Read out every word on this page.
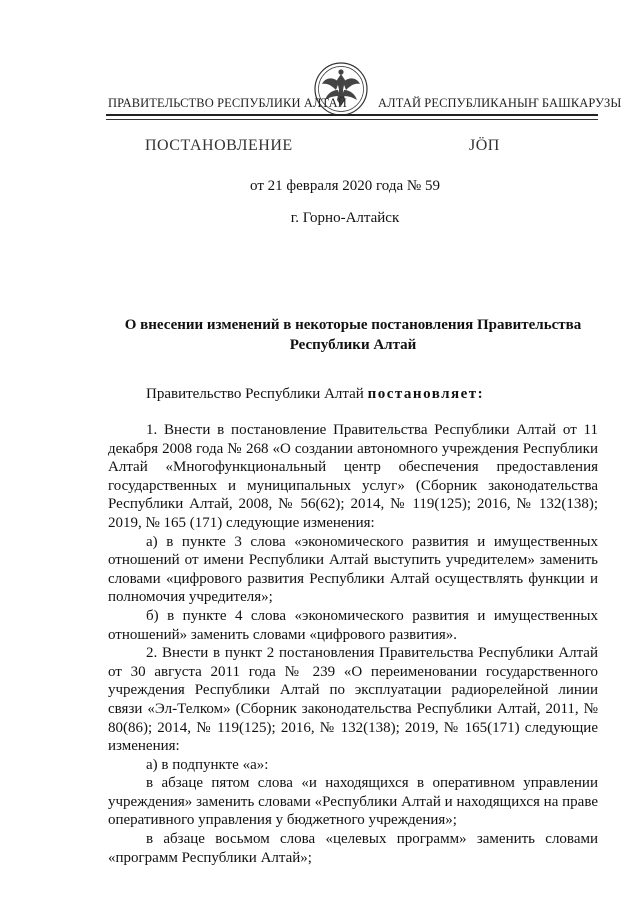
ПРАВИТЕЛЬСТВО РЕСПУБЛИКИ АЛТАЙ АЛТАЙ РЕСПУБЛИКАНЫҤ БАШКАРУЗЫ
ПОСТАНОВЛЕНИЕ	ЈÖП
от 21 февраля 2020 года № 59
г. Горно-Алтайск
О внесении изменений в некоторые постановления Правительства Республики Алтай
Правительство Республики Алтай постановляет:

1. Внести в постановление Правительства Республики Алтай от 11 декабря 2008 года № 268 «О создании автономного учреждения Республики Алтай «Многофункциональный центр обеспечения предоставления государственных и муниципальных услуг» (Сборник законодательства Республики Алтай, 2008, № 56(62); 2014, № 119(125); 2016, № 132(138); 2019, № 165 (171) следующие изменения:

а) в пункте 3 слова «экономического развития и имущественных отношений от имени Республики Алтай выступить учредителем» заменить словами «цифрового развития Республики Алтай осуществлять функции и полномочия учредителя»;

б) в пункте 4 слова «экономического развития и имущественных отношений» заменить словами «цифрового развития».

2. Внести в пункт 2 постановления Правительства Республики Алтай от 30 августа 2011 года № 239 «О переименовании государственного учреждения Республики Алтай по эксплуатации радиорелейной линии связи «Эл-Телком» (Сборник законодательства Республики Алтай, 2011, № 80(86); 2014, № 119(125); 2016, № 132(138); 2019, № 165(171) следующие изменения:

а) в подпункте «а»:

в абзаце пятом слова «и находящихся в оперативном управлении учреждения» заменить словами «Республики Алтай и находящихся на праве оперативного управления у бюджетного учреждения»;

в абзаце восьмом слова «целевых программ» заменить словами «программ Республики Алтай»;
